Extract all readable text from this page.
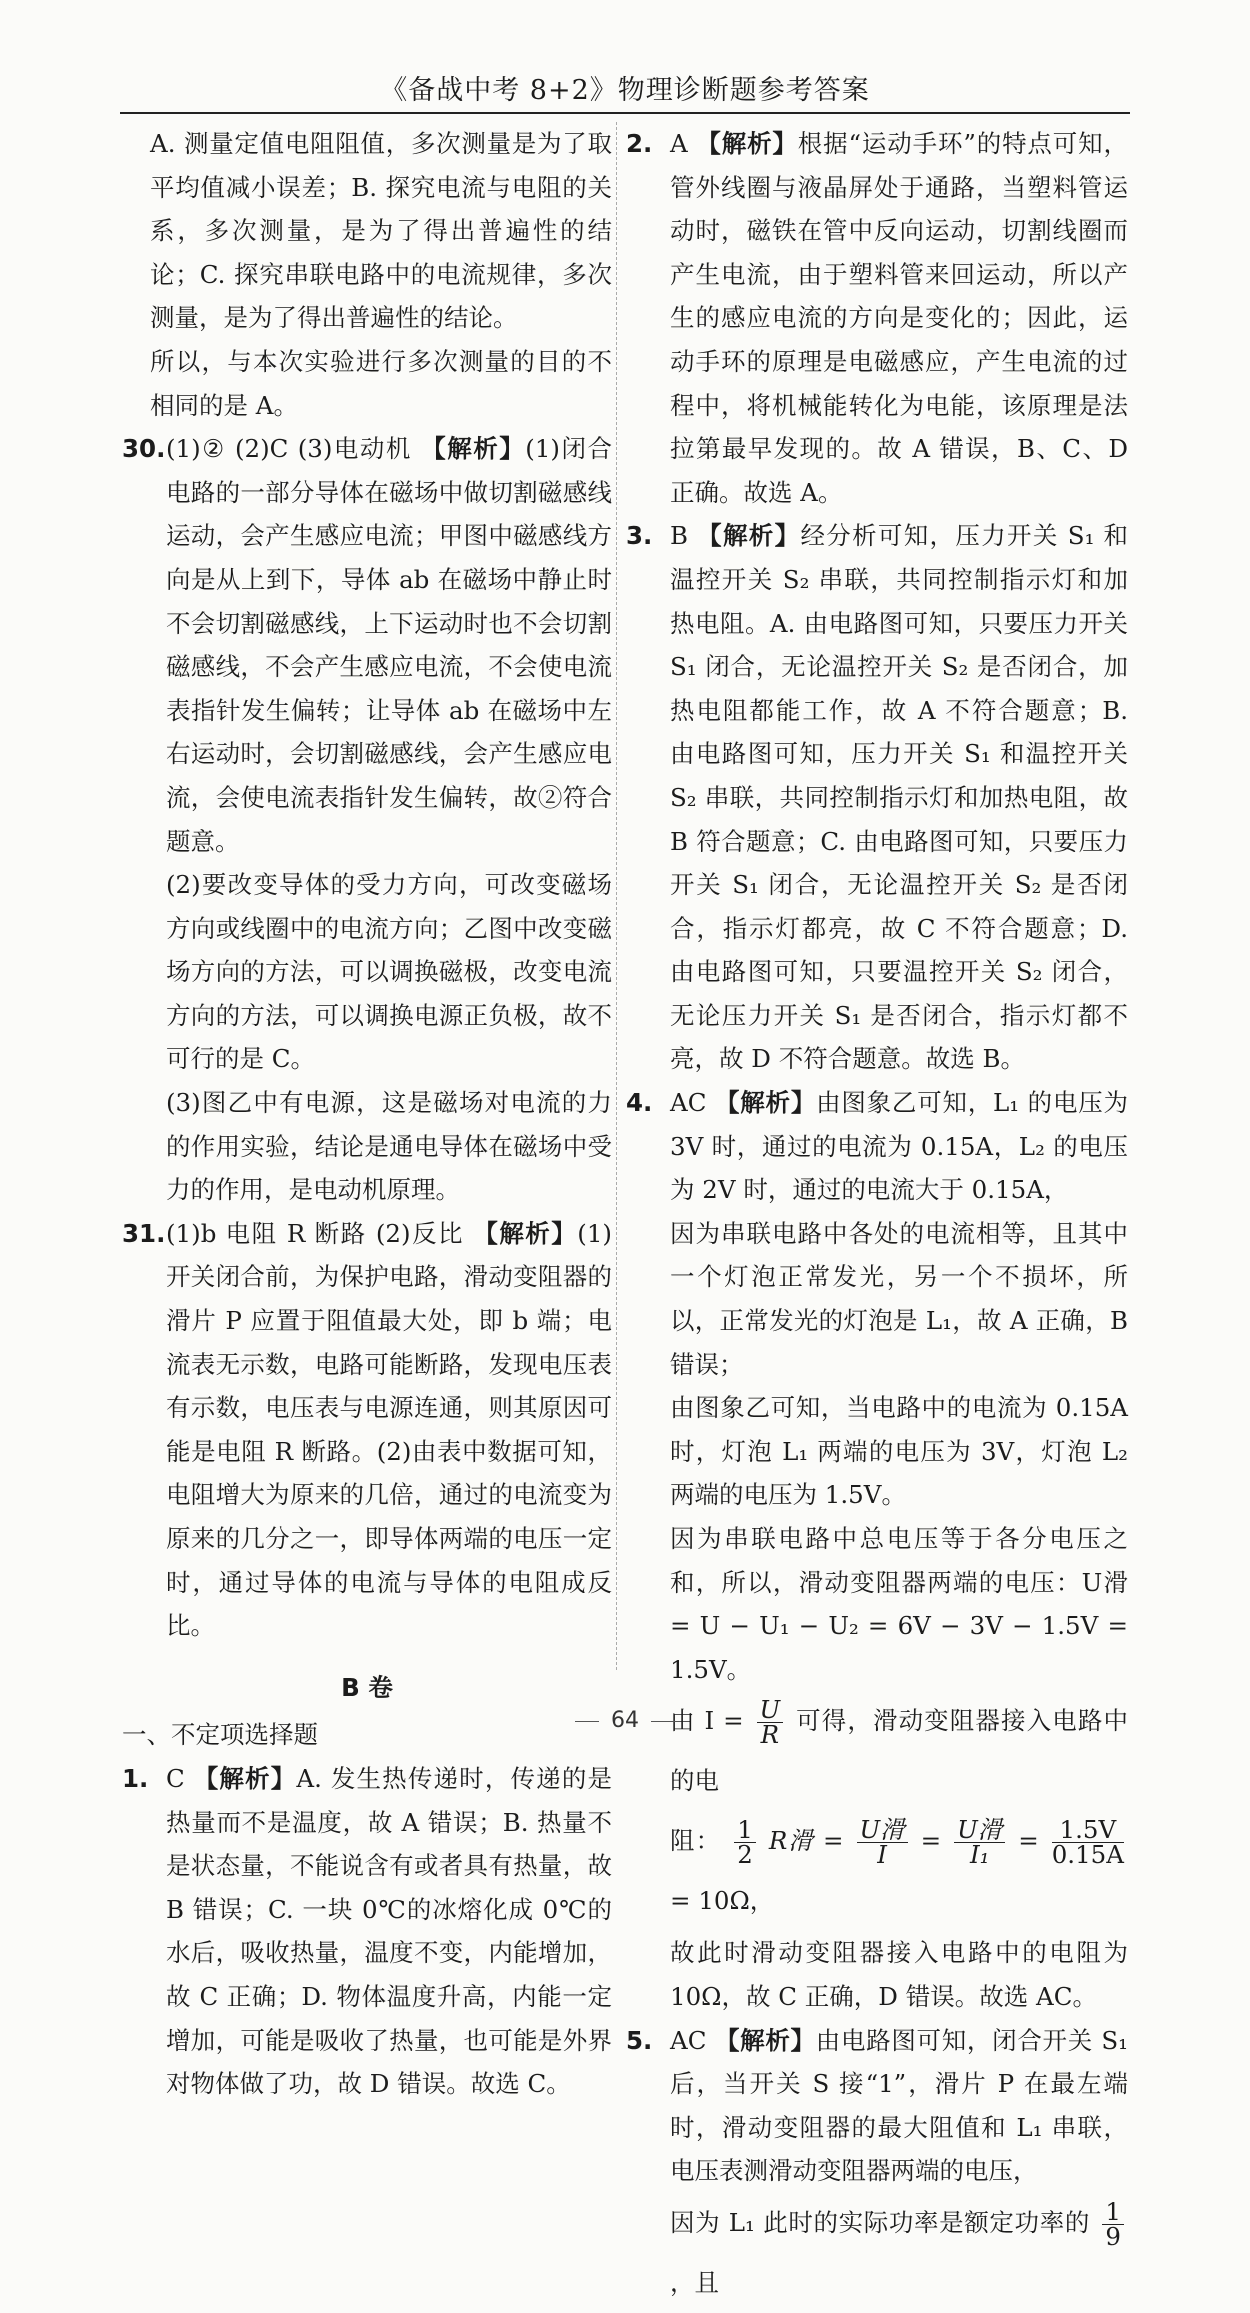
《备战中考 8+2》物理诊断题参考答案

A. 测量定值电阻阻值，多次测量是为了取平均值减小误差；B. 探究电流与电阻的关系，多次测量，是为了得出普遍性的结论；C. 探究串联电路中的电流规律，多次测量，是为了得出普遍性的结论。

所以，与本次实验进行多次测量的目的不相同的是 A。

30.(1)② (2)C (3)电动机 【解析】(1)闭合电路的一部分导体在磁场中做切割磁感线运动，会产生感应电流；甲图中磁感线方向是从上到下，导体 ab 在磁场中静止时不会切割磁感线，上下运动时也不会切割磁感线，不会产生感应电流，不会使电流表指针发生偏转；让导体 ab 在磁场中左右运动时，会切割磁感线，会产生感应电流，会使电流表指针发生偏转，故②符合题意。

(2)要改变导体的受力方向，可改变磁场方向或线圈中的电流方向；乙图中改变磁场方向的方法，可以调换磁极，改变电流方向的方法，可以调换电源正负极，故不可行的是 C。

(3)图乙中有电源，这是磁场对电流的力的作用实验，结论是通电导体在磁场中受力的作用，是电动机原理。

31.(1)b 电阻 R 断路 (2)反比 【解析】(1)开关闭合前，为保护电路，滑动变阻器的滑片 P 应置于阻值最大处，即 b 端；电流表无示数，电路可能断路，发现电压表有示数，电压表与电源连通，则其原因可能是电阻 R 断路。(2)由表中数据可知，电阻增大为原来的几倍，通过的电流变为原来的几分之一，即导体两端的电压一定时，通过导体的电流与导体的电阻成反比。
B 卷
一、不定项选择题
1. C 【解析】A. 发生热传递时，传递的是热量而不是温度，故 A 错误；B. 热量不是状态量，不能说含有或者具有热量，故 B 错误；C. 一块 0℃的冰熔化成 0℃的水后，吸收热量，温度不变，内能增加，故 C 正确；D. 物体温度升高，内能一定增加，可能是吸收了热量，也可能是外界对物体做了功，故 D 错误。故选 C。
2. A 【解析】根据“运动手环”的特点可知，管外线圈与液晶屏处于通路，当塑料管运动时，磁铁在管中反向运动，切割线圈而产生电流，由于塑料管来回运动，所以产生的感应电流的方向是变化的；因此，运动手环的原理是电磁感应，产生电流的过程中，将机械能转化为电能，该原理是法拉第最早发现的。故 A 错误，B、C、D 正确。故选 A。
3. B 【解析】经分析可知，压力开关 S₁ 和温控开关 S₂ 串联，共同控制指示灯和加热电阻。A. 由电路图可知，只要压力开关 S₁ 闭合，无论温控开关 S₂ 是否闭合，加热电阻都能工作，故 A 不符合题意；B. 由电路图可知，压力开关 S₁ 和温控开关 S₂ 串联，共同控制指示灯和加热电阻，故 B 符合题意；C. 由电路图可知，只要压力开关 S₁ 闭合，无论温控开关 S₂ 是否闭合，指示灯都亮，故 C 不符合题意；D. 由电路图可知，只要温控开关 S₂ 闭合，无论压力开关 S₁ 是否闭合，指示灯都不亮，故 D 不符合题意。故选 B。
4. AC 【解析】由图象乙可知，L₁ 的电压为 3V 时，通过的电流为 0.15A，L₂ 的电压为 2V 时，通过的电流大于 0.15A，

因为串联电路中各处的电流相等，且其中一个灯泡正常发光，另一个不损坏，所以，正常发光的灯泡是 L₁，故 A 正确，B 错误；

由图象乙可知，当电路中的电流为 0.15A 时，灯泡 L₁ 两端的电压为 3V，灯泡 L₂ 两端的电压为 1.5V。

因为串联电路中总电压等于各分电压之和，所以，滑动变阻器两端的电压：U滑 = U − U₁ − U₂ = 6V − 3V − 1.5V = 1.5V。

由 $I = \frac{U}{R}$ 可得，滑动变阻器接入电路中的电
阻： $\frac{1}{2}$ R滑 = $\frac{\text{U滑}}{I} = \frac{\text{U滑}}{\text{I₁}} = \frac{1.5V}{0.15A}$
= 10Ω，

故此时滑动变阻器接入电路中的电阻为 10Ω，故 C 正确，D 错误。故选 AC。

5. AC 【解析】由电路图可知，闭合开关 S₁ 后，当开关 S 接“1”，滑片 P 在最左端时，滑动变阻器的最大阻值和 L₁ 串联，电压表测滑动变阻器两端的电压，
因为 L₁ 此时的实际功率是额定功率的 $\frac{1}{9}$
，且
64
